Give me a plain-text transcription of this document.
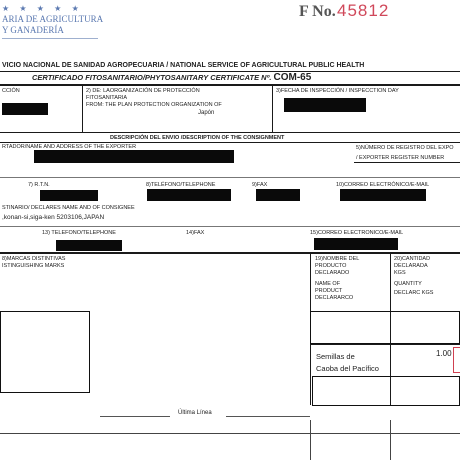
★ ★ ★ ★ ★
ARIA DE AGRICULTURA
Y GANADERÍA
F No. 45812
VICIO NACIONAL DE SANIDAD AGROPECUARIA / NATIONAL SERVICE OF AGRICULTURAL PUBLIC HEALTH
CERTIFICADO FITOSANITARIO/PHYTOSANITARY CERTIFICATE Nº. COM-65
CCIÓN	2) DE: LAORGANIZACIÓN DE PROTECCIÓN
FITOSANITARIA
FROM: THE PLAN PROTECTION ORGANIZATION OF
Japón
3)FECHA DE INSPECCIÓN / INSPECCTION DAY
DESCRIPCIÓN DEL ENVIO /DESCRIPTION OF THE CONSIGNMENT
RTADOR/NAME AND ADDRESS OF THE EXPORTER	5)NÚMERO DE REGISTRO DEL EXPO
/ EXPORTER REGISTER NUMBER
7) R.T.N.	8)TELÉFONO/TELEPHONE	9)FAX	10)CORREO ELECTRÓNICO/E-MAIL
STINARIO/ DECLARES NAME AND OF CONSIGNEE
,konan-si,siga-ken 5203106,JAPAN
13) TELEFONO/TELEPHONE	14)FAX	15)CORREO ELECTRONICO/E-MAIL
8)MARCAS DISTINTIVAS
ISTINGUISHING MARKS
19)NOMBRE DEL
PRODUCTO
DECLARADO
NAME OF
PRODUCT
DECLARARCO
20)CANTIDAD
DECLARADA
KGS
QUANTITY
DECLARC KGS
Semillas de
Caoba del Pacífico
1.00
Última Línea
